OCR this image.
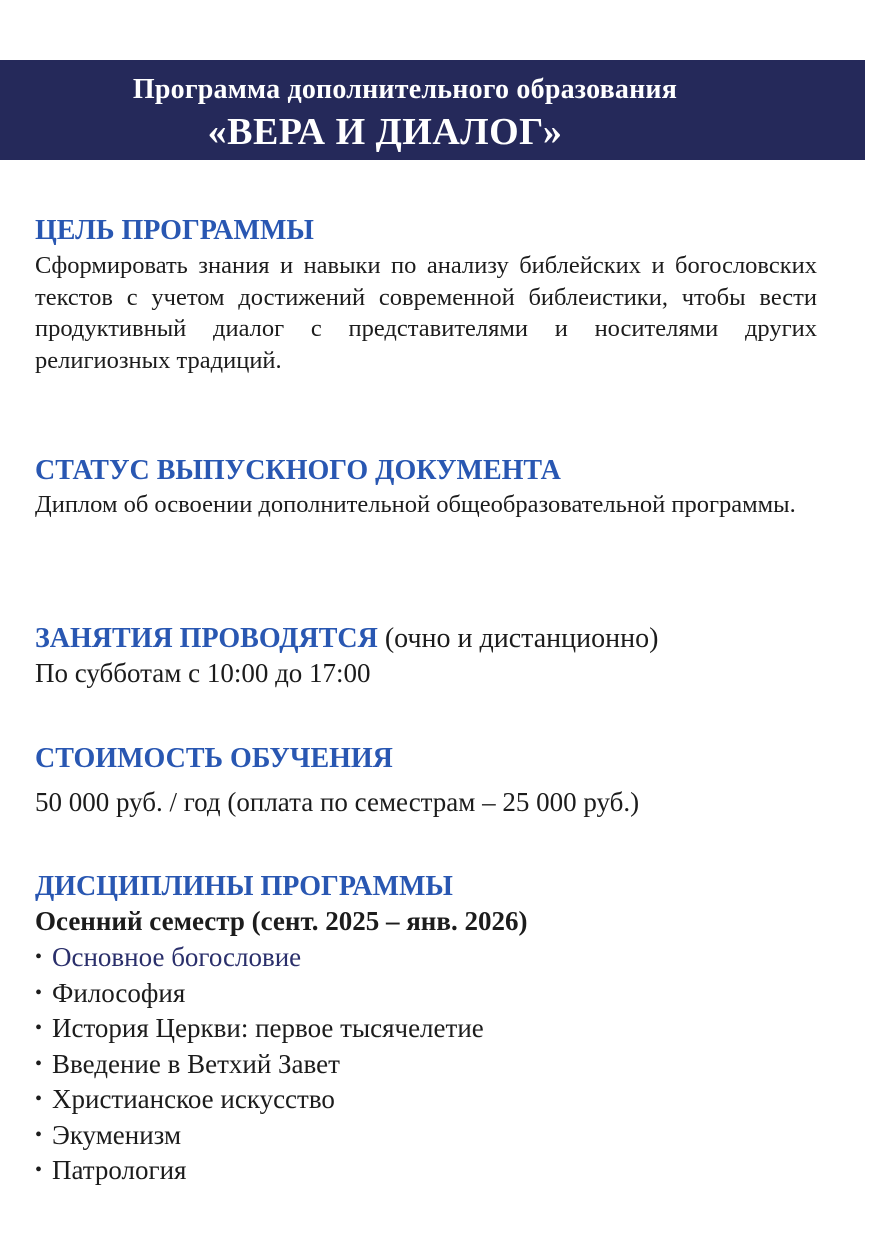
Программа дополнительного образования
«ВЕРА И ДИАЛОГ»
ЦЕЛЬ ПРОГРАММЫ
Сформировать знания и навыки по анализу библейских и богословских текстов с учетом достижений современной библеистики, чтобы вести продуктивный диалог с представителями и носителями других религиозных традиций.
СТАТУС ВЫПУСКНОГО ДОКУМЕНТА
Диплом об освоении дополнительной общеобразовательной программы.
ЗАНЯТИЯ ПРОВОДЯТСЯ (очно и дистанционно)
По субботам с 10:00 до 17:00
СТОИМОСТЬ ОБУЧЕНИЯ
50 000 руб. / год (оплата по семестрам – 25 000 руб.)
ДИСЦИПЛИНЫ ПРОГРАММЫ
Осенний семестр (сент. 2025 – янв. 2026)
• Основное богословие
• Философия
• История Церкви: первое тысячелетие
• Введение в Ветхий Завет
• Христианское искусство
• Экуменизм
• Патрология
